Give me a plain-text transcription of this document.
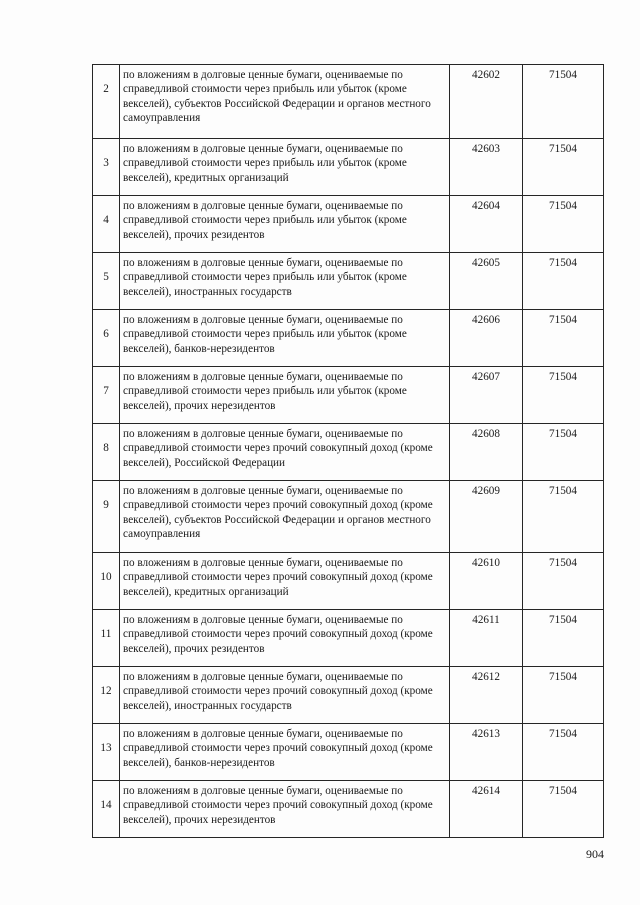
2	по вложениям в долговые ценные бумаги, оцениваемые по справедливой стоимости через прибыль или убыток (кроме векселей), субъектов Российской Федерации и органов местного самоуправления	42602	71504
3	по вложениям в долговые ценные бумаги, оцениваемые по справедливой стоимости через прибыль или убыток (кроме векселей), кредитных организаций	42603	71504
4	по вложениям в долговые ценные бумаги, оцениваемые по справедливой стоимости через прибыль или убыток (кроме векселей), прочих резидентов	42604	71504
5	по вложениям в долговые ценные бумаги, оцениваемые по справедливой стоимости через прибыль или убыток (кроме векселей), иностранных государств	42605	71504
6	по вложениям в долговые ценные бумаги, оцениваемые по справедливой стоимости через прибыль или убыток (кроме векселей), банков-нерезидентов	42606	71504
7	по вложениям в долговые ценные бумаги, оцениваемые по справедливой стоимости через прибыль или убыток (кроме векселей), прочих нерезидентов	42607	71504
8	по вложениям в долговые ценные бумаги, оцениваемые по справедливой стоимости через прочий совокупный доход (кроме векселей), Российской Федерации	42608	71504
9	по вложениям в долговые ценные бумаги, оцениваемые по справедливой стоимости через прочий совокупный доход (кроме векселей), субъектов Российской Федерации и органов местного самоуправления	42609	71504
10	по вложениям в долговые ценные бумаги, оцениваемые по справедливой стоимости через прочий совокупный доход (кроме векселей), кредитных организаций	42610	71504
11	по вложениям в долговые ценные бумаги, оцениваемые по справедливой стоимости через прочий совокупный доход (кроме векселей), прочих резидентов	42611	71504
12	по вложениям в долговые ценные бумаги, оцениваемые по справедливой стоимости через прочий совокупный доход (кроме векселей), иностранных государств	42612	71504
13	по вложениям в долговые ценные бумаги, оцениваемые по справедливой стоимости через прочий совокупный доход (кроме векселей), банков-нерезидентов	42613	71504
14	по вложениям в долговые ценные бумаги, оцениваемые по справедливой стоимости через прочий совокупный доход (кроме векселей), прочих нерезидентов	42614	71504
904
